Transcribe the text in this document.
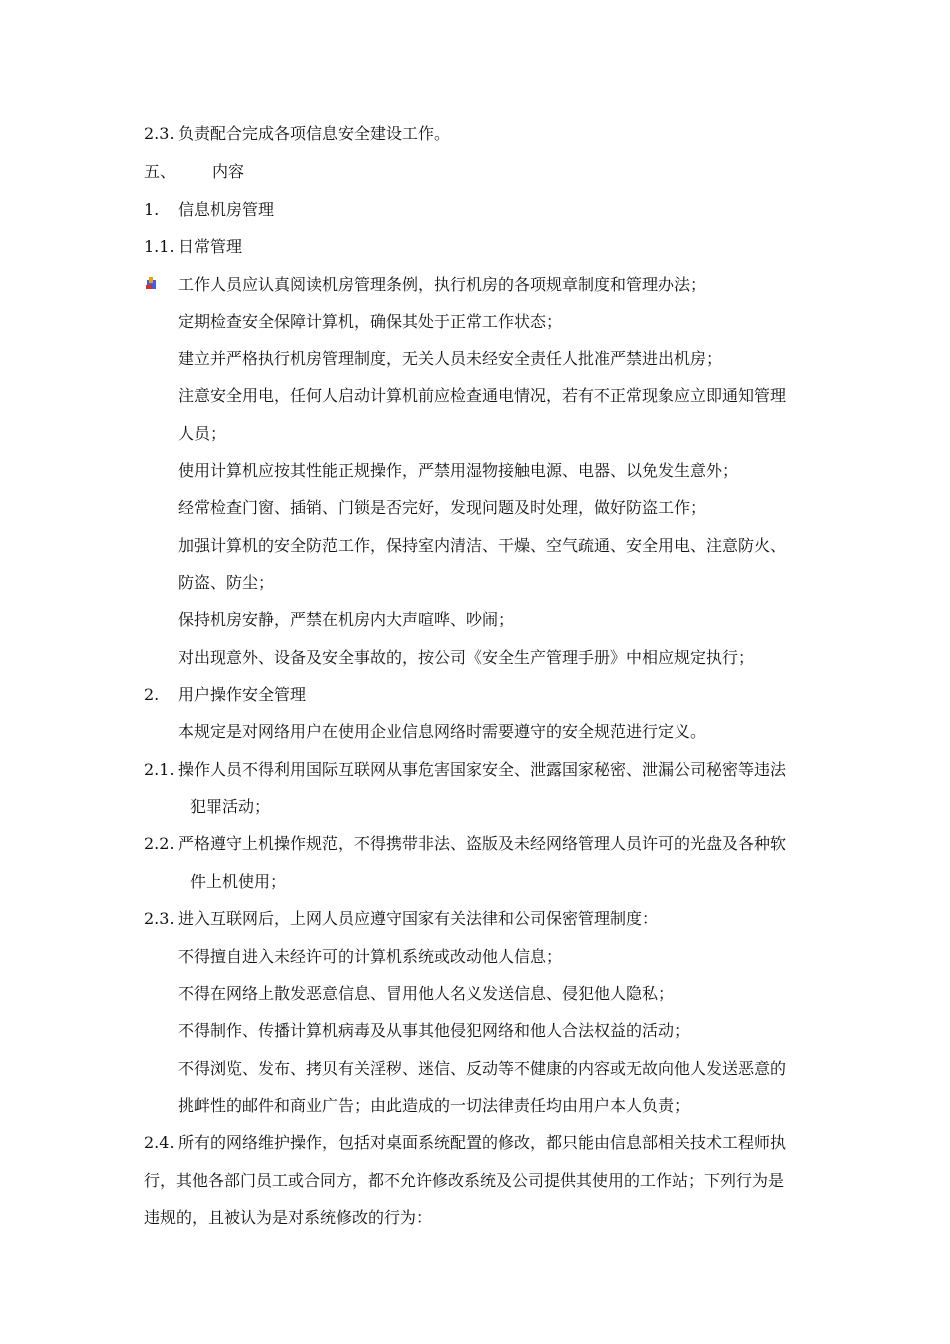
2.3. 负责配合完成各项信息安全建设工作。
五、 内容
1. 信息机房管理
1.1. 日常管理
工作人员应认真阅读机房管理条例，执行机房的各项规章制度和管理办法；
定期检查安全保障计算机，确保其处于正常工作状态；
建立并严格执行机房管理制度，无关人员未经安全责任人批准严禁进出机房；
注意安全用电，任何人启动计算机前应检查通电情况，若有不正常现象应立即通知管理
人员；
使用计算机应按其性能正规操作，严禁用湿物接触电源、电器、以免发生意外；
经常检查门窗、插销、门锁是否完好，发现问题及时处理，做好防盗工作；
加强计算机的安全防范工作，保持室内清洁、干燥、空气疏通、安全用电、注意防火、
防盗、防尘；
保持机房安静，严禁在机房内大声喧哗、吵闹；
对出现意外、设备及安全事故的，按公司《安全生产管理手册》中相应规定执行；
2. 用户操作安全管理
本规定是对网络用户在使用企业信息网络时需要遵守的安全规范进行定义。
2.1. 操作人员不得利用国际互联网从事危害国家安全、泄露国家秘密、泄漏公司秘密等违法
犯罪活动；
2.2. 严格遵守上机操作规范，不得携带非法、盗版及未经网络管理人员许可的光盘及各种软
件上机使用；
2.3. 进入互联网后，上网人员应遵守国家有关法律和公司保密管理制度：
不得擅自进入未经许可的计算机系统或改动他人信息；
不得在网络上散发恶意信息、冒用他人名义发送信息、侵犯他人隐私；
不得制作、传播计算机病毒及从事其他侵犯网络和他人合法权益的活动；
不得浏览、发布、拷贝有关淫秽、迷信、反动等不健康的内容或无故向他人发送恶意的
挑衅性的邮件和商业广告；由此造成的一切法律责任均由用户本人负责；
2.4. 所有的网络维护操作，包括对桌面系统配置的修改，都只能由信息部相关技术工程师执
行，其他各部门员工或合同方，都不允许修改系统及公司提供其使用的工作站；下列行为是
违规的，且被认为是对系统修改的行为：
